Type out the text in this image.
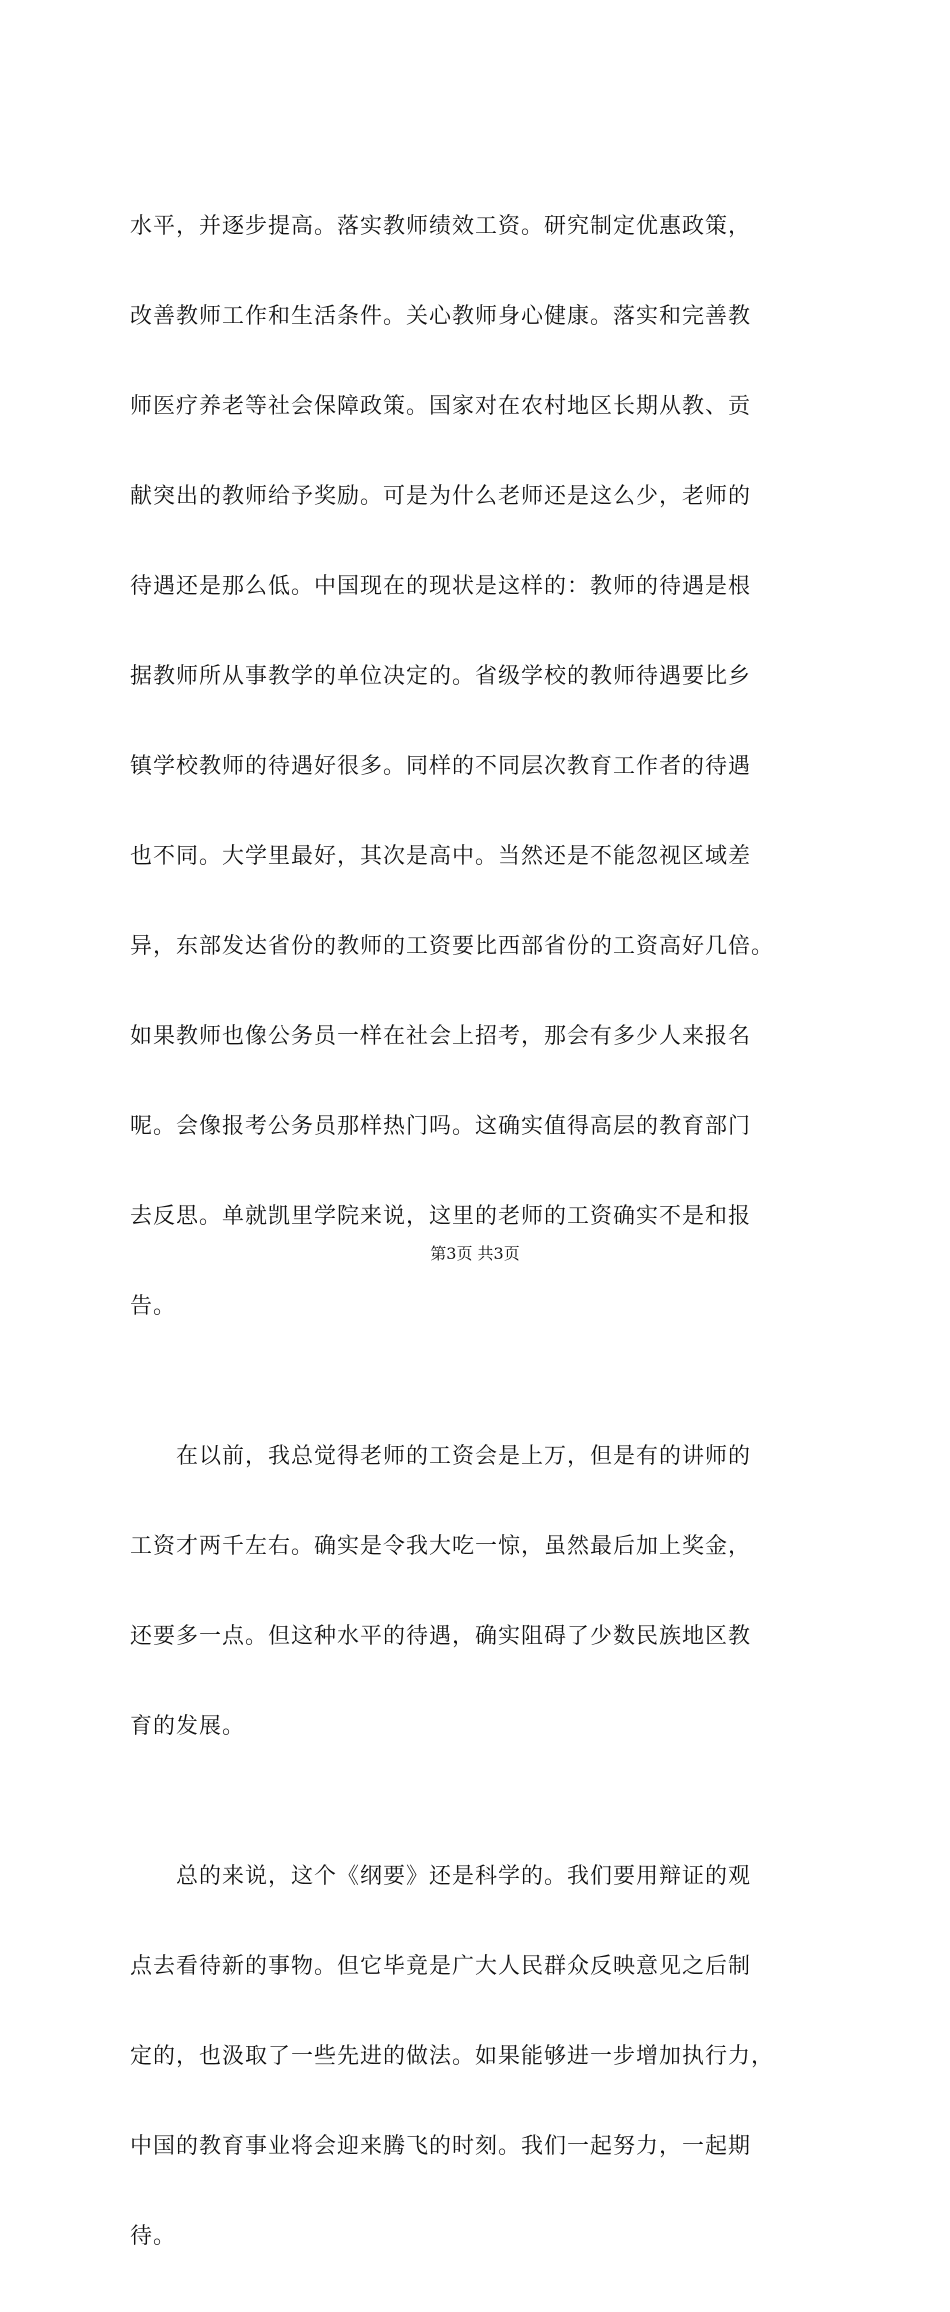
水平，并逐步提高。落实教师绩效工资。研究制定优惠政策，

改善教师工作和生活条件。关心教师身心健康。落实和完善教

师医疗养老等社会保障政策。国家对在农村地区长期从教、贡

献突出的教师给予奖励。可是为什么老师还是这么少，老师的

待遇还是那么低。中国现在的现状是这样的：教师的待遇是根

据教师所从事教学的单位决定的。省级学校的教师待遇要比乡

镇学校教师的待遇好很多。同样的不同层次教育工作者的待遇

也不同。大学里最好，其次是高中。当然还是不能忽视区域差

异，东部发达省份的教师的工资要比西部省份的工资高好几倍。

如果教师也像公务员一样在社会上招考，那会有多少人来报名

呢。会像报考公务员那样热门吗。这确实值得高层的教育部门

去反思。单就凯里学院来说，这里的老师的工资确实不是和报

告。

　　在以前，我总觉得老师的工资会是上万，但是有的讲师的

工资才两千左右。确实是令我大吃一惊，虽然最后加上奖金，

还要多一点。但这种水平的待遇，确实阻碍了少数民族地区教

育的发展。

　　总的来说，这个《纲要》还是科学的。我们要用辩证的观

点去看待新的事物。但它毕竟是广大人民群众反映意见之后制

定的，也汲取了一些先进的做法。如果能够进一步增加执行力，

中国的教育事业将会迎来腾飞的时刻。我们一起努力，一起期

待。

第3页 共3页
